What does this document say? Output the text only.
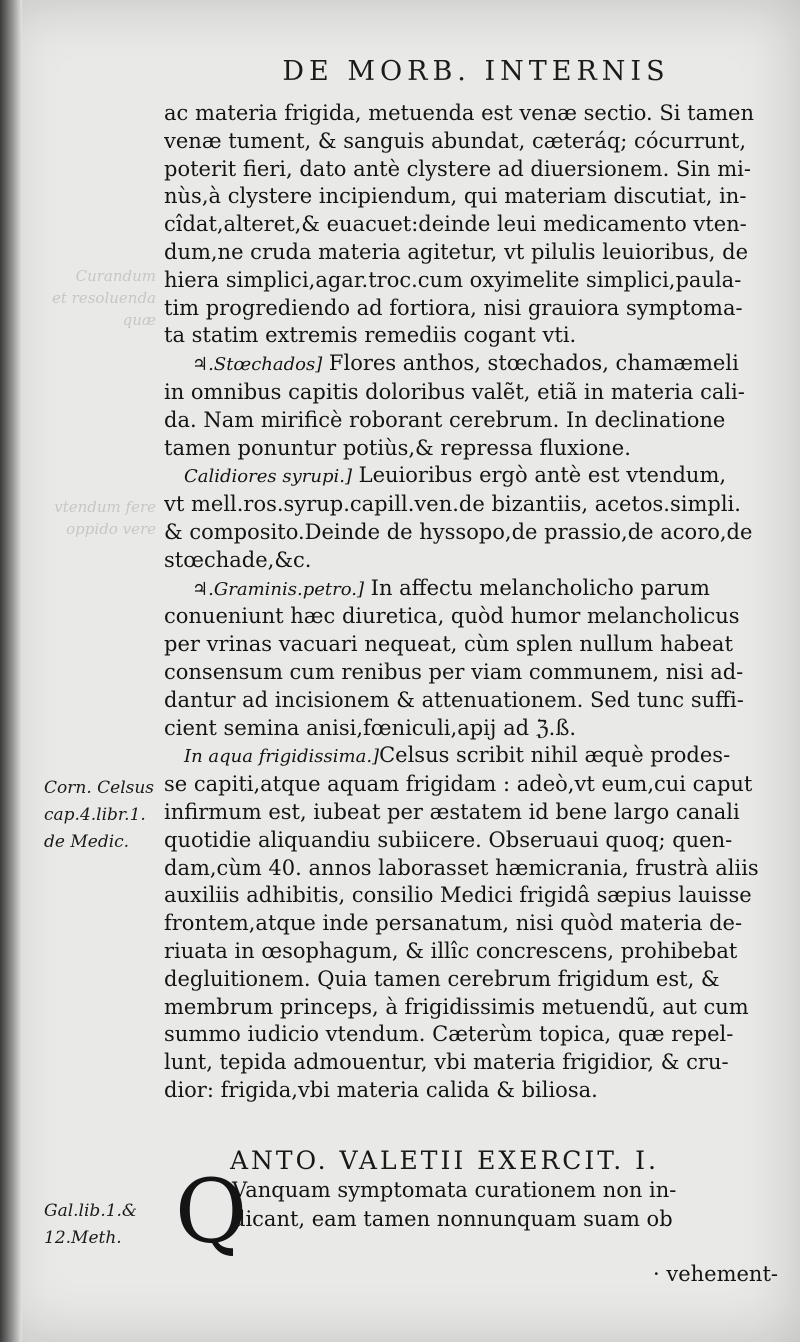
Curandum
et resoluenda
quæ
vtendum fere
oppido vere
DE MORB. INTERNIS
ac materia frigida, metuenda est venæ sectio. Si tamen
venæ tument, & sanguis abundat, cæteráq; cócurrunt,
poterit fieri, dato antè clystere ad diuersionem. Sin mi-
nùs,à clystere incipiendum, qui materiam discutiat, in-
cîdat,alteret,& euacuet:deinde leui medicamento vten-
dum,ne cruda materia agitetur, vt pilulis leuioribus, de
hiera simplici,agar.troc.cum oxyimelite simplici,paula-
tim progrediendo ad fortiora, nisi grauiora symptoma-
ta statim extremis remediis cogant vti.
♃.Stœchados] Flores anthos, stœchados, chamæmeli
in omnibus capitis doloribus valẽt, etiã in materia cali-
da. Nam mirificè roborant cerebrum. In declinatione
tamen ponuntur potiùs,& repressa fluxione.
Calidiores syrupi.] Leuioribus ergò antè est vtendum,
vt mell.ros.syrup.capill.ven.de bizantiis, acetos.simpli.
& composito.Deinde de hyssopo,de prassio,de acoro,de
stœchade,&c.
♃.Graminis.petro.] In affectu melancholicho parum
conueniunt hæc diuretica, quòd humor melancholicus
per vrinas vacuari nequeat, cùm splen nullum habeat
consensum cum renibus per viam communem, nisi ad-
dantur ad incisionem & attenuationem. Sed tunc suffi-
cient semina anisi,fœniculi,apij ad ℨ.ß.
In aqua frigidissima.]Celsus scribit nihil æquè prodes-
se capiti,atque aquam frigidam : adeò,vt eum,cui caput
infirmum est, iubeat per æstatem id bene largo canali
quotidie aliquandiu subiicere. Obseruaui quoq; quen-
dam,cùm 40. annos laborasset hæmicrania, frustrà aliis
auxiliis adhibitis, consilio Medici frigidâ sæpius lauisse
frontem,atque inde persanatum, nisi quòd materia de-
riuata in œsophagum, & illîc concrescens, prohibebat
degluitionem. Quia tamen cerebrum frigidum est, &
membrum princeps, à frigidissimis metuendũ, aut cum
summo iudicio vtendum. Cæterùm topica, quæ repel-
lunt, tepida admouentur, vbi materia frigidior, & cru-
dior: frigida,vbi materia calida & biliosa.
Corn. Celsus
cap.4.libr.1.
de Medic.
ANTO. VALETII EXERCIT. I.
Q
Vanquam symptomata curationem non in-
dicant, eam tamen nonnunquam suam ob
Gal.lib.1.&
12.Meth.
· vehement-
